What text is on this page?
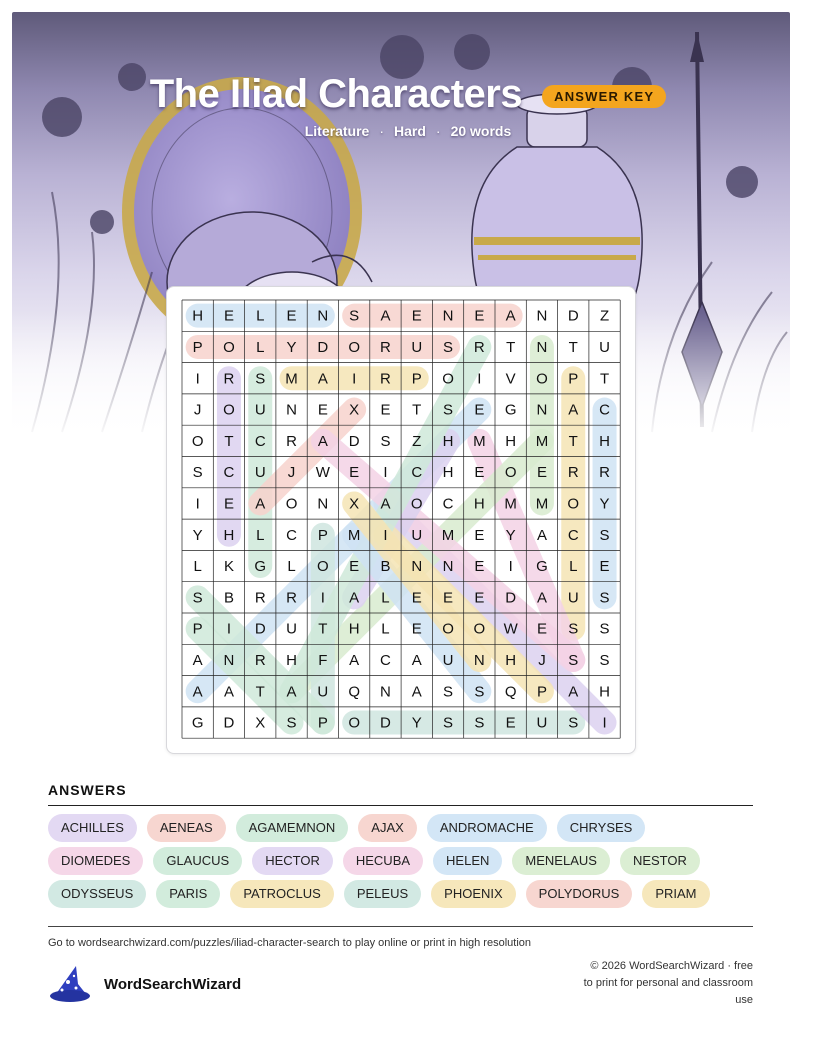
The Iliad Characters ANSWER KEY
Literature · Hard · 20 words
H E L E N S A E N E A N D Z
P O L Y D O R U S R T N T U
I R S M A I R P O I V O P T
J O U N E X E T S E G N A C
O T C R A D S Z H M H M T H
S C U J W E I C H E O E R R
I E A O N X A O C H M M O Y
Y H L C P M I U M E Y A C S
L K G L O E B N N E I G L E
S B R R I A L E E E D A U S
P I D U T H L E O O W E S S
A N R H F A C A U N H J S S
A A T A U Q N A S S Q P A H
G D X S P O D Y S S E U S I
ANSWERS
ACHILLES	AENEAS	AGAMEMNON	AJAX	ANDROMACHE	CHRYSES
DIOMEDES	GLAUCUS	HECTOR	HECUBA	HELEN	MENELAUS	NESTOR
ODYSSEUS	PARIS	PATROCLUS	PELEUS	PHOENIX	POLYDORUS	PRIAM
Go to wordsearchwizard.com/puzzles/iliad-character-search to play online or print in high resolution
WordSearchWizard
© 2026 WordSearchWizard · free to print for personal and classroom use
